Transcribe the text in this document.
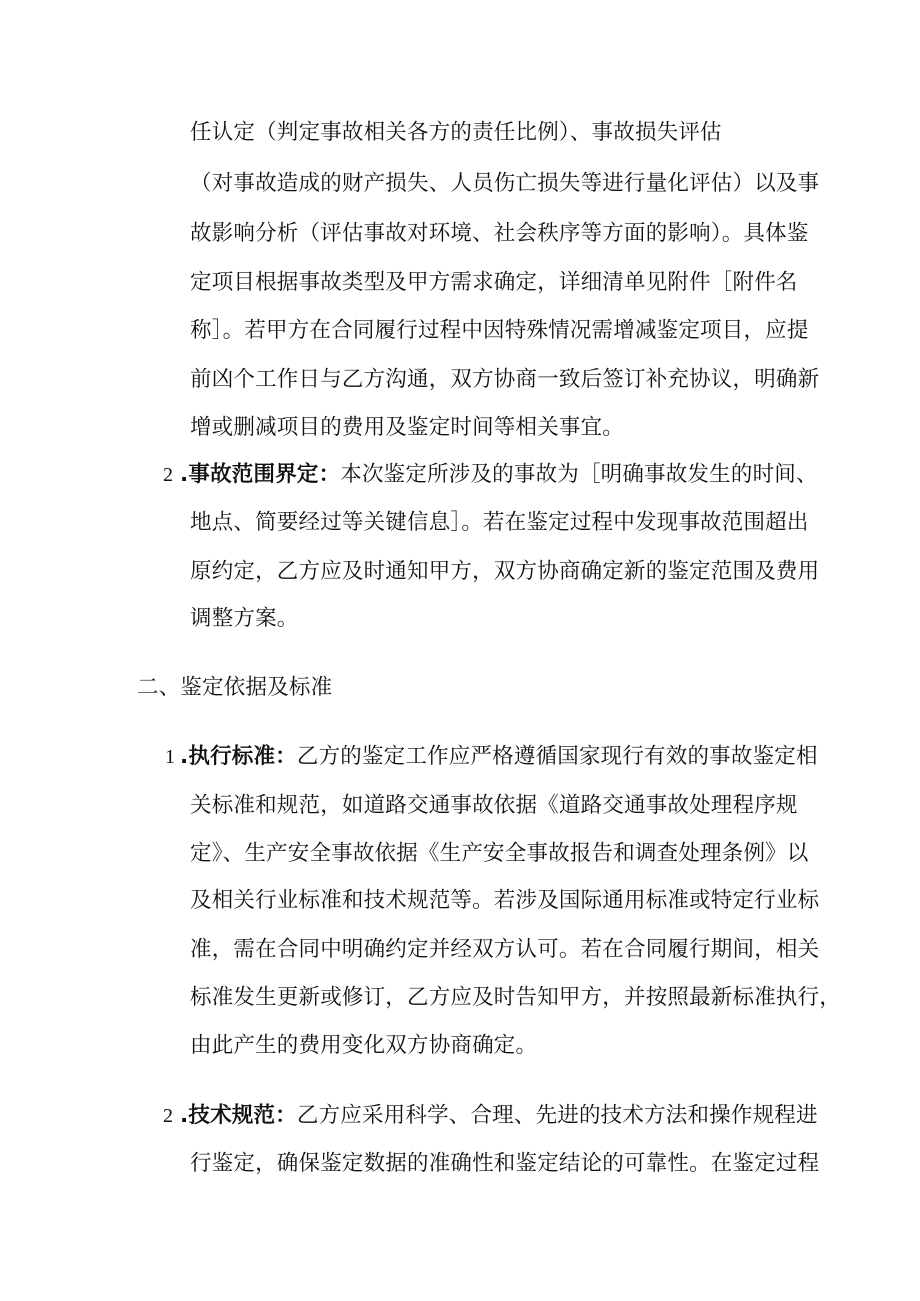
任认定（判定事故相关各方的责任比例）、事故损失评估
（对事故造成的财产损失、人员伤亡损失等进行量化评估）以及事
故影响分析（评估事故对环境、社会秩序等方面的影响）。具体鉴
定项目根据事故类型及甲方需求确定，详细清单见附件［附件名
称］。若甲方在合同履行过程中因特殊情况需增减鉴定项目，应提
前凶个工作日与乙方沟通，双方协商一致后签订补充协议，明确新
增或删减项目的费用及鉴定时间等相关事宜。
2 .事故范围界定：本次鉴定所涉及的事故为［明确事故发生的时间、
地点、简要经过等关键信息］。若在鉴定过程中发现事故范围超出
原约定，乙方应及时通知甲方，双方协商确定新的鉴定范围及费用
调整方案。
二、鉴定依据及标准
1 .执行标准：乙方的鉴定工作应严格遵循国家现行有效的事故鉴定相
关标准和规范，如道路交通事故依据《道路交通事故处理程序规
定》、生产安全事故依据《生产安全事故报告和调查处理条例》以
及相关行业标准和技术规范等。若涉及国际通用标准或特定行业标
准，需在合同中明确约定并经双方认可。若在合同履行期间，相关
标准发生更新或修订，乙方应及时告知甲方，并按照最新标准执行，
由此产生的费用变化双方协商确定。
2 .技术规范：乙方应采用科学、合理、先进的技术方法和操作规程进
行鉴定，确保鉴定数据的准确性和鉴定结论的可靠性。在鉴定过程
